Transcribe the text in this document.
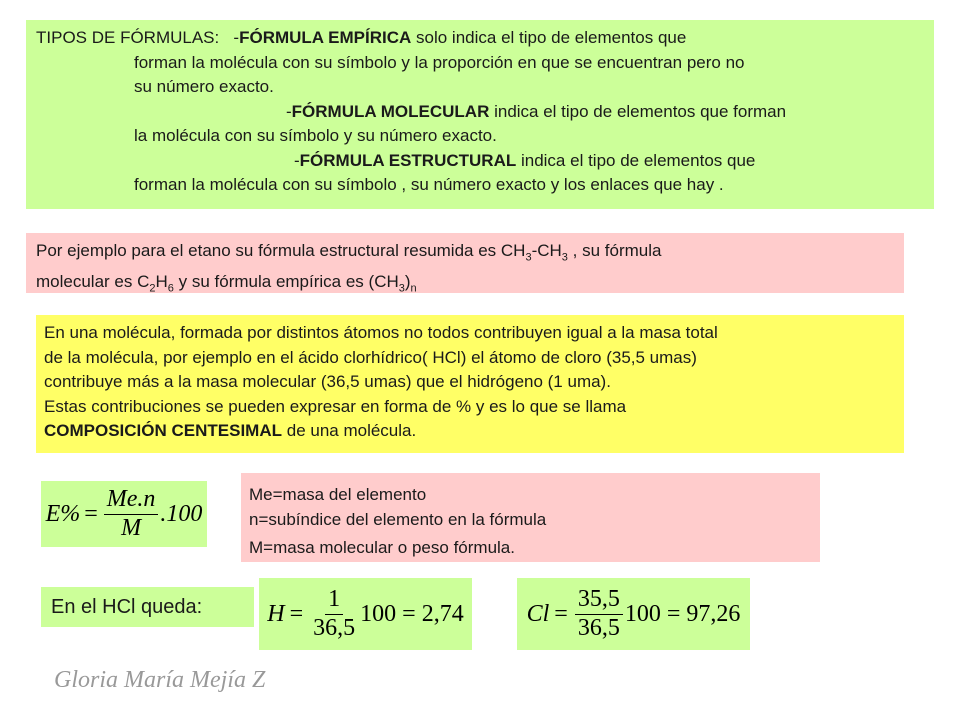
TIPOS DE FÓRMULAS: -FÓRMULA EMPÍRICA solo indica el tipo de elementos que
forman la molécula con su símbolo y la proporción en que se encuentran pero no
su número exacto.
-FÓRMULA MOLECULAR indica el tipo de elementos que forman
la molécula con su símbolo y su número exacto.
-FÓRMULA ESTRUCTURAL indica el tipo de elementos que
forman la molécula con su símbolo , su número exacto y los enlaces que hay .
Por ejemplo para el etano su fórmula estructural resumida es $CH_3-CH_3$ , su fórmula
molecular es $C_2H_6$ y su fórmula empírica es $(CH_3)_n$
En una molécula, formada por distintos átomos no todos contribuyen igual a la masa total
de la molécula, por ejemplo en el ácido clorhídrico( HCl) el átomo de cloro (35,5 umas)
contribuye más a la masa molecular (36,5 umas) que el hidrógeno (1 uma).
Estas contribuciones se pueden expresar en forma de % y es lo que se llama
COMPOSICIÓN CENTESIMAL de una molécula.
$E\% = \frac{Me.n}{M} .100$
Me=masa del elemento
n=subíndice del elemento en la fórmula
M=masa molecular o peso fórmula.
En el HCl queda:	$H = \frac{1}{36,5} 100 = 2,74$	$Cl = \frac{35,5}{36,5} 100 = 97,26$
Gloria María Mejía Z
